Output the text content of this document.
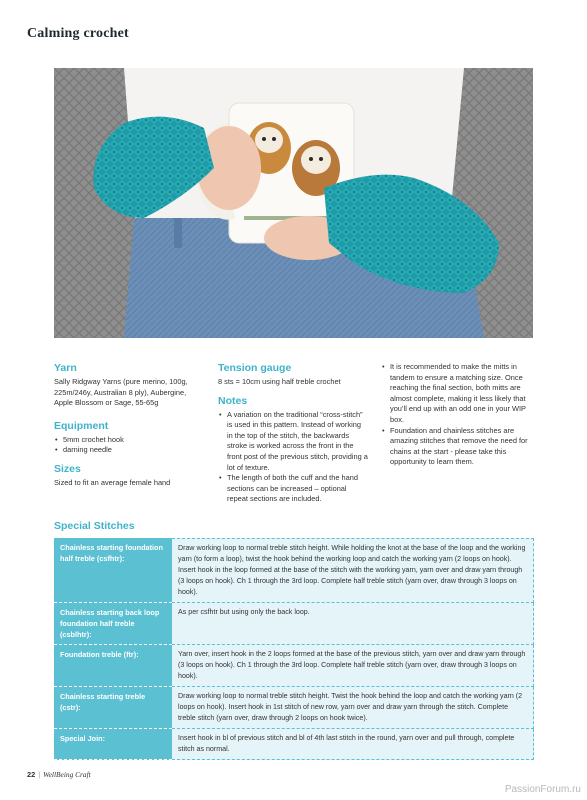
Calming crochet
Yarn

Sally Ridgway Yarns (pure merino, 100g, 225m/246y, Australian 8 ply), Aubergine, Apple Blossom or Sage, 55-65g

Equipment
• 5mm crochet hook
• darning needle
Sizes

Sized to fit an average female hand

Tension gauge

8 sts = 10cm using half treble crochet

Notes
• A variation on the traditional “cross-stitch” is used in this pattern. Instead of working in the top of the stitch, the backwards stroke is worked across the front in the front post of the previous stitch, providing a lot of texture.
• The length of both the cuff and the hand sections can be increased – optional repeat sections are included.
• It is recommended to make the mitts in tandem to ensure a matching size. Once reaching the final section, both mitts are almost complete, making it less likely that you’ll end up with an odd one in your WIP box.
• Foundation and chainless stitches are amazing stitches that remove the need for chains at the start - please take this opportunity to learn them.
Special Stitches
Chainless starting foundation half treble (csfhtr):
Draw working loop to normal treble stitch height. While holding the knot at the base of the loop and the working yarn (to form a loop), twist the hook behind the working loop and catch the working yarn (2 loops on hook). Insert hook in the loop formed at the base of the stitch with the working yarn, yarn over and draw yarn through (3 loops on hook). Ch 1 through the 3rd loop. Complete half treble stitch (yarn over, draw through 3 loops on hook).
Chainless starting back loop foundation half treble (csblhtr):
As per csfhtr but using only the back loop.
Foundation treble (ftr):	Yarn over, insert hook in the 2 loops formed at the base of the previous stitch, yarn over and draw yarn through (3 loops on hook). Ch 1 through the 3rd loop. Complete half treble stitch (yarn over, draw through 3 loops on hook).
Chainless starting treble (cstr):
Draw working loop to normal treble stitch height. Twist the hook behind the loop and catch the working yarn (2 loops on hook). Insert hook in 1st stitch of new row, yarn over and draw yarn through the stitch. Complete treble stitch (yarn over, draw through 2 loops on hook twice).
Special Join:	Insert hook in bl of previous stitch and bl of 4th last stitch in the round, yarn over and pull through, complete stitch as normal.
22 | WellBeing Craft
PassionForum.ru
